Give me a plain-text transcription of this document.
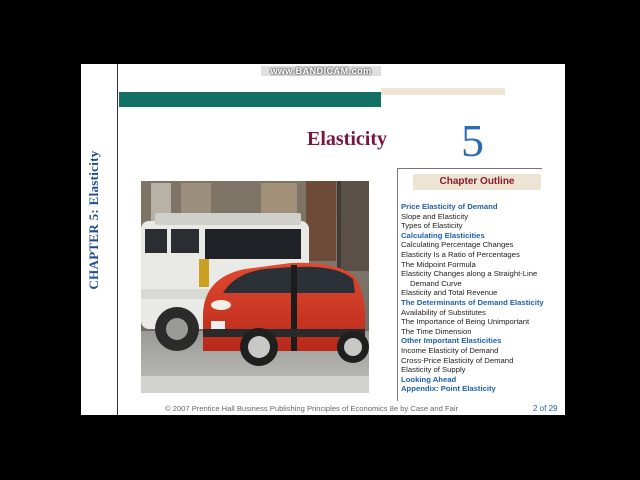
CHAPTER 5: Elasticity
www.BANDICAM.com
Elasticity 5
Chapter Outline
Price Elasticity of Demand
Slope and Elasticity
Types of Elasticity
Calculating Elasticities
Calculating Percentage Changes
Elasticity Is a Ratio of Percentages
The Midpoint Formula
Elasticity Changes along a Straight-Line
Demand Curve
Elasticity and Total Revenue
The Determinants of Demand Elasticity
Availability of Substitutes
The Importance of Being Unimportant
The Time Dimension
Other Important Elasticities
Income Elasticity of Demand
Cross-Price Elasticity of Demand
Elasticity of Supply
Looking Ahead
Appendix: Point Elasticity
© 2007 Prentice Hall Business Publishing Principles of Economics 8e by Case and Fair	2 of 29
